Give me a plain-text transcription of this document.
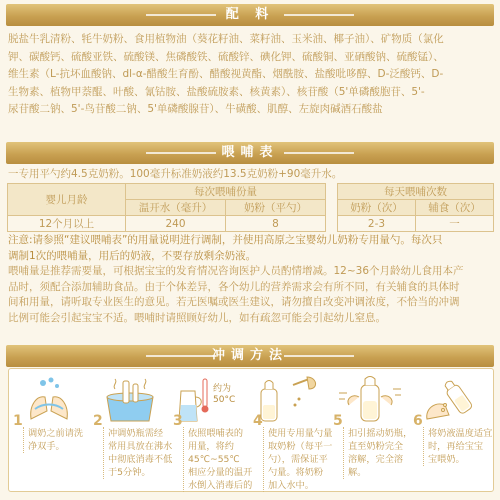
配 料

脱盐牛乳清粉、牦牛奶粉、食用植物油（葵花籽油、菜籽油、玉米油、椰子油）、矿物质（氯化

钾、碳酸钙、硫酸亚铁、硫酸镁、焦磷酸铁、硫酸锌、碘化钾、硫酸铜、亚硒酸钠、硫酸锰）、

维生素（L-抗坏血酸钠、dl-α-醋酸生育酚、醋酸视黄酯、烟酰胺、盐酸吡哆醇、D-泛酸钙、D-

生物素、植物甲萘醌、叶酸、氰钴胺、盐酸硫胺素、核黄素）、核苷酸（5'单磷酸胞苷、5'-

尿苷酸二钠、5'-鸟苷酸二钠、5'单磷酸腺苷）、牛磺酸、肌醇、左旋肉碱酒石酸盐

喂哺表
一专用平勺约4.5克奶粉。100毫升标准奶液约13.5克奶粉+90毫升水。
婴儿月龄	每次喂哺份量			每天喂哺次数	
	温开水（毫升）	奶粉（平勺）		奶粉（次）	辅食（次）
12个月以上	240	8		2-3	一

注意:请参照“建议喂哺表”的用量说明进行调制，并使用高原之宝婴幼儿奶粉专用量勺。每次只

调制1次的喂哺量，用后的奶液，不要存放剩余奶液。

喂哺量是推荐需要量，可根据宝宝的发育情况咨询医护人员酌情增减。12~36个月龄幼儿食用本产

品时，须配合添加辅助食品。由于个体差异，各个幼儿的营养需求会有所不同，有关辅食的具体时

间和用量，请听取专业医生的意见。若无医嘱或医生建议，请勿擅自改变冲调浓度，不恰当的冲调

比例可能会引起宝宝不适。喂哺时请照顾好幼儿，如有疏忽可能会引起幼儿窒息。

冲调方法
1
调奶之前请洗
净双手。
2
冲调奶瓶需经
常用具放在沸水
中彻底消毒不低
于5分钟。
约为
50°C
3
依照喂哺表的
用量，将约
45℃~55℃
相应分量的温开
水倒入消毒后的
4
使用专用量勺量
取奶粉（每平一
勺），需保证平
勺量。将奶粉
加入水中。
5
扣引摇动奶瓶，
直至奶粉完全
溶解，完全溶
解。
6
将奶液温度适宜
时，再给宝宝
宝喂奶。
